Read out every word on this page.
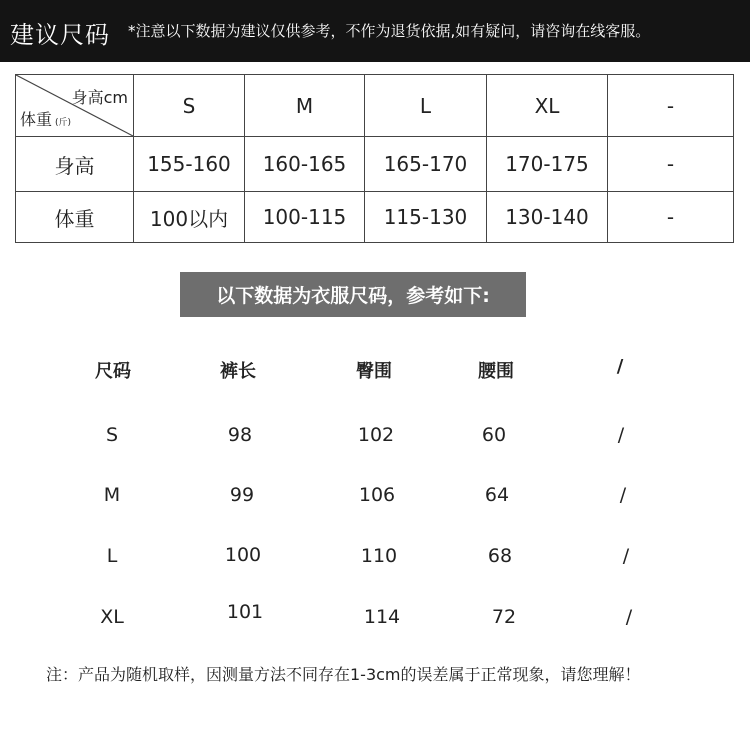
建议尺码 *注意以下数据为建议仅供参考，不作为退货依据,如有疑问，请咨询在线客服。
身高cm
体重 (斤)	S	M	L	XL	-
身高	155-160	160-165	165-170	170-175	-
体重	100以内	100-115	115-130	130-140	-
以下数据为衣服尺码，参考如下:
尺码	裤长	臀围	腰围	/
S	98	102	60	/
M	99	106	64	/
L	100	110	68	/
XL	101	114	72	/
注：产品为随机取样，因测量方法不同存在1-3cm的误差属于正常现象，请您理解！
